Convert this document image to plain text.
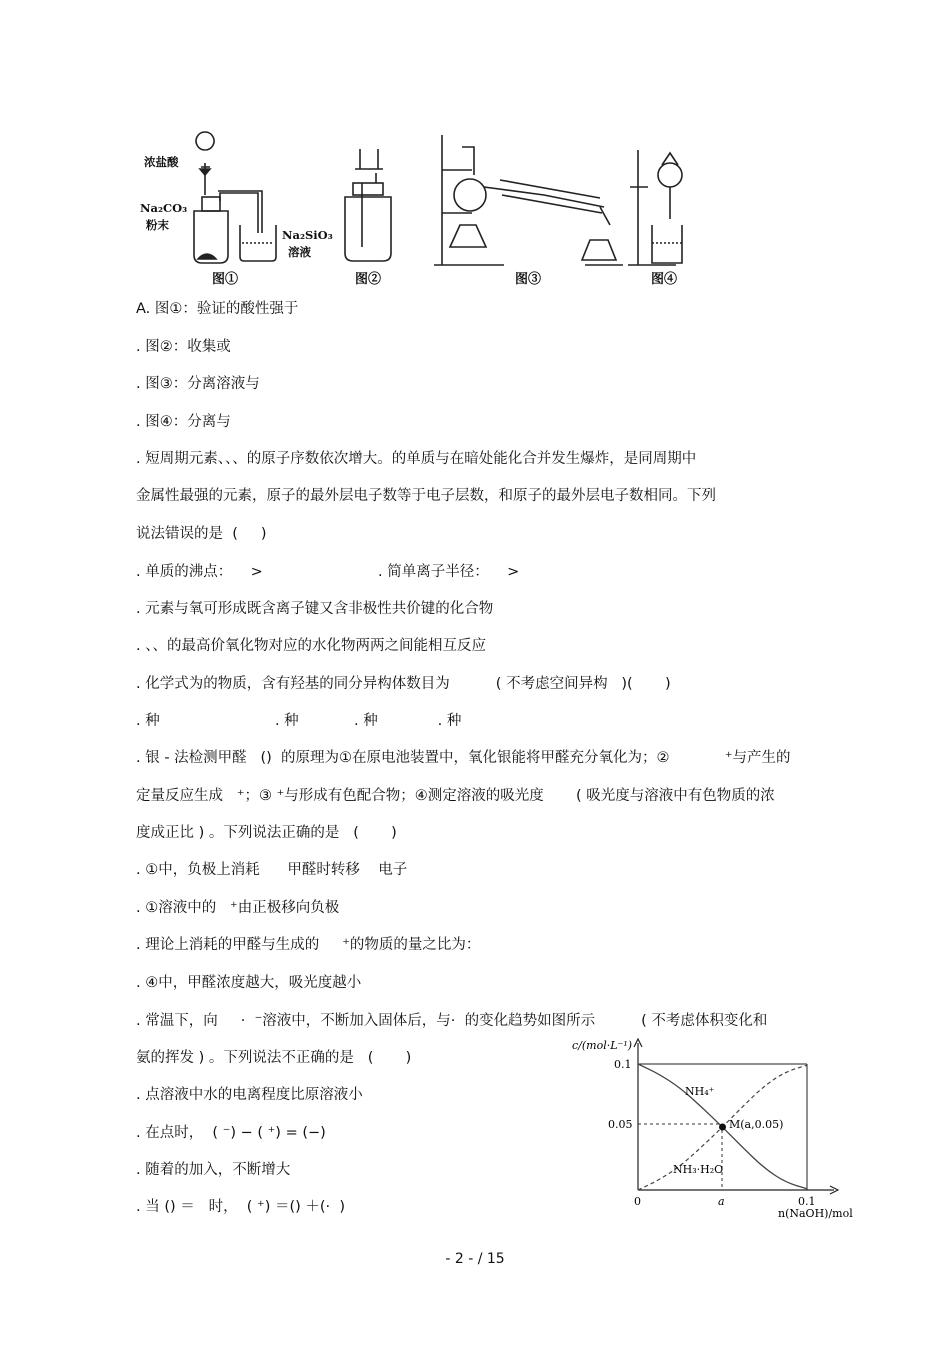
浓盐酸
Na₂CO₃
粉末
Na₂SiO₃
溶液
图①	图②	图③	图④
A. 图①：验证的酸性强于
. 图②：收集或
. 图③：分离溶液与
. 图④：分离与
. 短周期元素、、、的原子序数依次增大。的单质与在暗处能化合并发生爆炸，是同周期中
金属性最强的元素，原子的最外层电子数等于电子层数，和原子的最外层电子数相同。下列
说法错误的是  (     )
. 单质的沸点：    >                         . 简单离子半径：    >
. 元素与氧可形成既含离子键又含非极性共价键的化合物
. 、、的最高价氧化物对应的水化物两两之间能相互反应
. 化学式为的物质，含有羟基的同分异构体数目为          ( 不考虑空间异构   )(       )
. 种                         . 种            . 种             . 种
. 银 - 法检测甲醛   ()  的原理为①在原电池装置中，氧化银能将甲醛充分氧化为；②            ⁺与产生的
定量反应生成   ⁺；③ ⁺与形成有色配合物；④测定溶液的吸光度       ( 吸光度与溶液中有色物质的浓
度成正比 ) 。下列说法正确的是   (       )
. ①中，负极上消耗      甲醛时转移    电子
. ①溶液中的   ⁺由正极移向负极
. 理论上消耗的甲醛与生成的     ⁺的物质的量之比为：
. ④中，甲醛浓度越大，吸光度越小
. 常温下，向     ·  ⁻溶液中，不断加入固体后，与·  的变化趋势如图所示          ( 不考虑体积变化和
氨的挥发 ) 。下列说法不正确的是   (       )
. 点溶液中水的电离程度比原溶液小
. 在点时，  ( ⁻) − ( ⁺) = (−)
. 随着的加入，不断增大
. 当 () ＝   时，  ( ⁺) ＝() ＋(·  )
c/(mol·L⁻¹)
NH₄⁺
NH₃·H₂O
M(a,0.05)
0.1
0.05
0	a	0.1
n(NaOH)/mol
- 2 - / 15
